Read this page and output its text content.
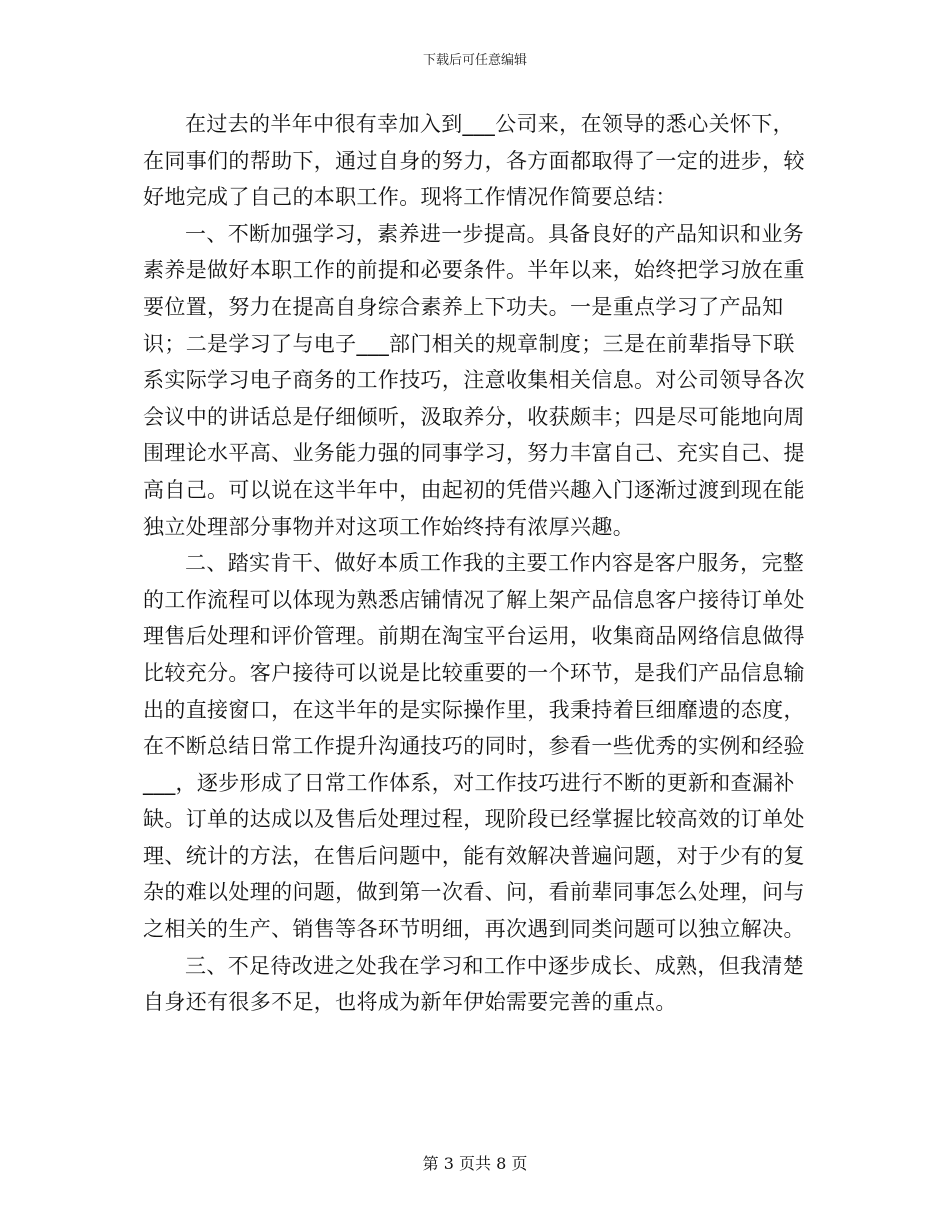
下载后可任意编辑

在过去的半年中很有幸加入到___公司来，在领导的悉心关怀下，在同事们的帮助下，通过自身的努力，各方面都取得了一定的进步，较好地完成了自己的本职工作。现将工作情况作简要总结：

一、不断加强学习，素养进一步提高。具备良好的产品知识和业务素养是做好本职工作的前提和必要条件。半年以来，始终把学习放在重要位置，努力在提高自身综合素养上下功夫。一是重点学习了产品知识；二是学习了与电子___部门相关的规章制度；三是在前辈指导下联系实际学习电子商务的工作技巧，注意收集相关信息。对公司领导各次会议中的讲话总是仔细倾听，汲取养分，收获颇丰；四是尽可能地向周围理论水平高、业务能力强的同事学习，努力丰富自己、充实自己、提高自己。可以说在这半年中，由起初的凭借兴趣入门逐渐过渡到现在能独立处理部分事物并对这项工作始终持有浓厚兴趣。

二、踏实肯干、做好本质工作我的主要工作内容是客户服务，完整的工作流程可以体现为熟悉店铺情况了解上架产品信息客户接待订单处理售后处理和评价管理。前期在淘宝平台运用，收集商品网络信息做得比较充分。客户接待可以说是比较重要的一个环节，是我们产品信息输出的直接窗口，在这半年的是实际操作里，我秉持着巨细靡遗的态度，在不断总结日常工作提升沟通技巧的同时，参看一些优秀的实例和经验___，逐步形成了日常工作体系，对工作技巧进行不断的更新和查漏补缺。订单的达成以及售后处理过程，现阶段已经掌握比较高效的订单处理、统计的方法，在售后问题中，能有效解决普遍问题，对于少有的复杂的难以处理的问题，做到第一次看、问，看前辈同事怎么处理，问与之相关的生产、销售等各环节明细，再次遇到同类问题可以独立解决。

三、不足待改进之处我在学习和工作中逐步成长、成熟，但我清楚自身还有很多不足，也将成为新年伊始需要完善的重点。

第 3 页共 8 页
